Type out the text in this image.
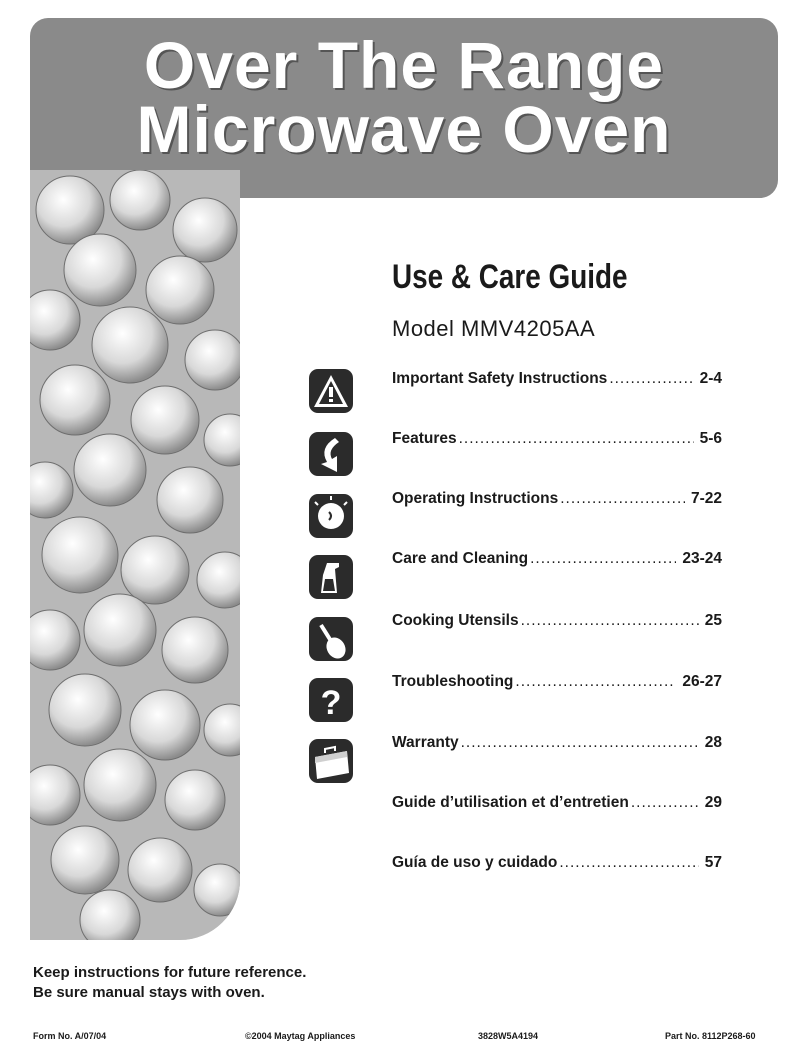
Over The Range
Microwave Oven
Use & Care Guide
Model MMV4205AA
?
Important Safety Instructions .....	2-4
Features .....	5-6
Operating Instructions .....	7-22
Care and Cleaning .....	23-24
Cooking Utensils .....	25
Troubleshooting .....	26-27
Warranty .....	28
Guide d’utilisation et d’entretien .....	29
Guía de uso y cuidado .....	57
Keep instructions for future reference.
Be sure manual stays with oven.
Form No. A/07/04	©2004 Maytag Appliances	3828W5A4194	Part No. 8112P268-60
